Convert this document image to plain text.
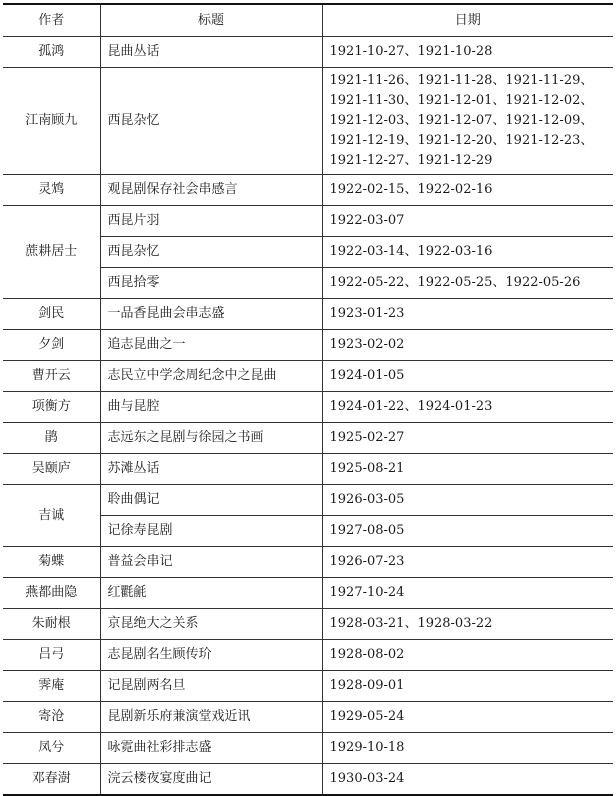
作者	标题	日期
孤鸿	昆曲丛话	1921-10-27、1921-10-28
江南顾九	西昆杂忆	1921-11-26、1921-11-28、1921-11-29、1921-11-30、1921-12-01、1921-12-02、1921-12-03、1921-12-07、1921-12-09、1921-12-19、1921-12-20、1921-12-23、1921-12-27、1921-12-29
灵鸩	观昆剧保存社会串感言	1922-02-15、1922-02-16
蔗耕居士	西昆片羽	1922-03-07
	西昆杂忆	1922-03-14、1922-03-16
	西昆拾零	1922-05-22、1922-05-25、1922-05-26
剑民	一品香昆曲会串志盛	1923-01-23
夕剑	追志昆曲之一	1923-02-02
曹开云	志民立中学念周纪念中之昆曲	1924-01-05
项衡方	曲与昆腔	1924-01-22、1924-01-23
鹃	志远东之昆剧与徐园之书画	1925-02-27
吴颐庐	苏滩丛话	1925-08-21
吉诚	聆曲偶记	1926-03-05
	记徐寿昆剧	1927-08-05
菊蝶	普益会串记	1926-07-23
燕都曲隐	红氍毹	1927-10-24
朱耐根	京昆绝大之关系	1928-03-21、1928-03-22
吕弓	志昆剧名生顾传玠	1928-08-02
霁庵	记昆剧两名旦	1928-09-01
寄沧	昆剧新乐府兼演堂戏近讯	1929-05-24
凤兮	咏霓曲社彩排志盛	1929-10-18
邓春澍	浣云楼夜宴度曲记	1930-03-24
